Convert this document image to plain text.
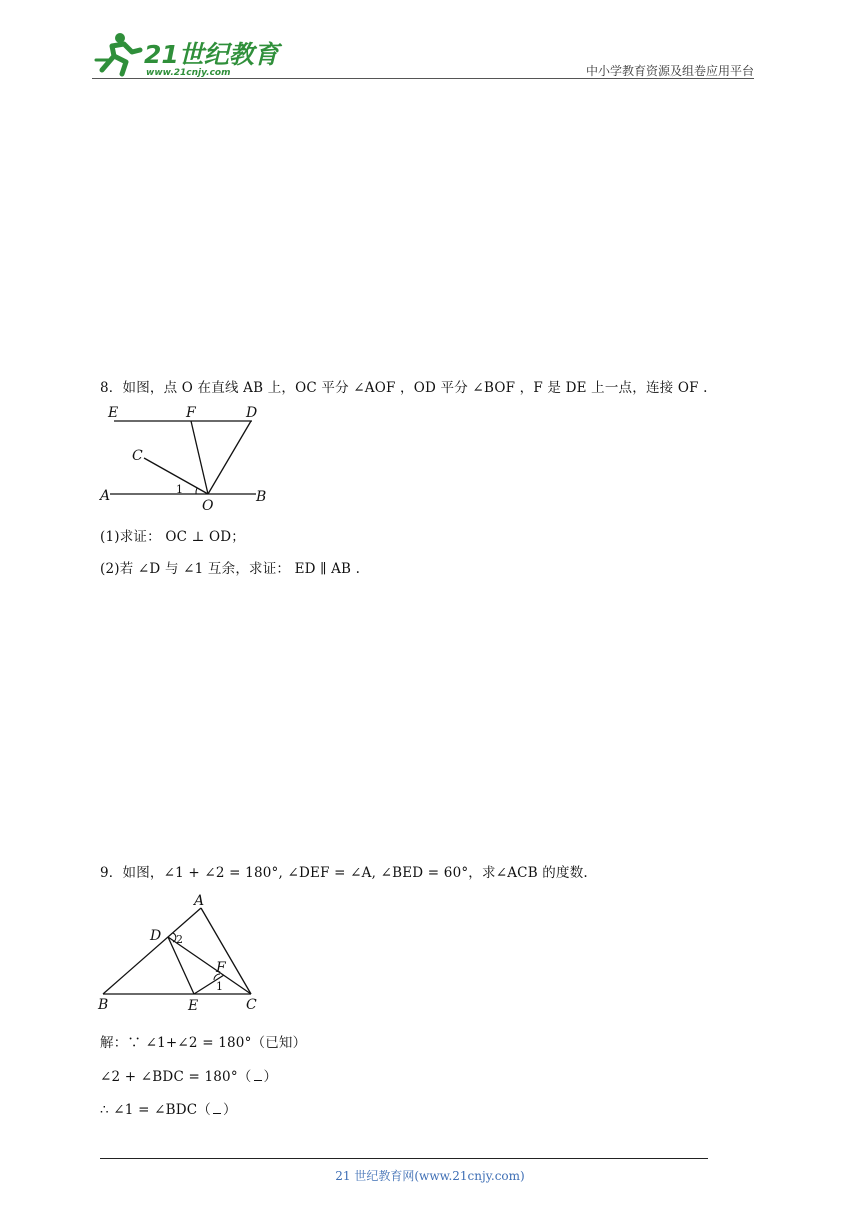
21世纪教育
www.21cnjy.com	中小学教育资源及组卷应用平台
8．如图，点 O 在直线 AB 上，OC 平分 ∠AOF ，OD 平分 ∠BOF ，F 是 DE 上一点，连接 OF .
E	F	D
C
A	B
O
1
(1)求证： OC ⊥ OD；
(2)若 ∠D 与 ∠1 互余，求证： ED ∥ AB .
9．如图，∠1 + ∠2 = 180°, ∠DEF = ∠A, ∠BED = 60°，求∠ACB 的度数.
A
D
F
B	E	C
2
1
解：∵ ∠1+∠2 = 180°（已知）
∠2 + ∠BDC = 180°（ ）
∴ ∠1 = ∠BDC（ ）
21 世纪教育网(www.21cnjy.com)
